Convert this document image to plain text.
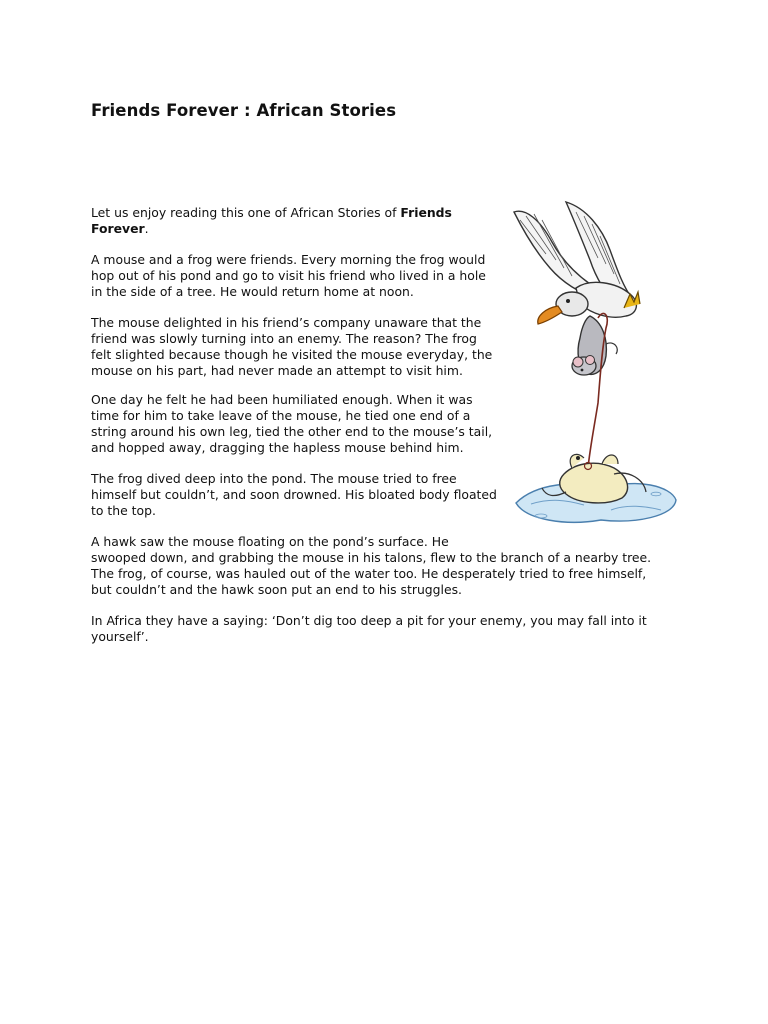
Friends Forever : African Stories

Let us enjoy reading this one of African Stories of Friends
Forever.

A mouse and a frog were friends. Every morning the frog would
hop out of his pond and go to visit his friend who lived in a hole
in the side of a tree. He would return home at noon.

The mouse delighted in his friend’s company unaware that the
friend was slowly turning into an enemy. The reason? The frog
felt slighted because though he visited the mouse everyday, the
mouse on his part, had never made an attempt to visit him.

One day he felt he had been humiliated enough. When it was
time for him to take leave of the mouse, he tied one end of a
string around his own leg, tied the other end to the mouse’s tail,
and hopped away, dragging the hapless mouse behind him.

The frog dived deep into the pond. The mouse tried to free
himself but couldn’t, and soon drowned. His bloated body floated
to the top.

A hawk saw the mouse floating on the pond’s surface. He
swooped down, and grabbing the mouse in his talons, flew to the branch of a nearby tree.
The frog, of course, was hauled out of the water too. He desperately tried to free himself,
but couldn’t and the hawk soon put an end to his struggles.

In Africa they have a saying: ‘Don’t dig too deep a pit for your enemy, you may fall into it
yourself’.
